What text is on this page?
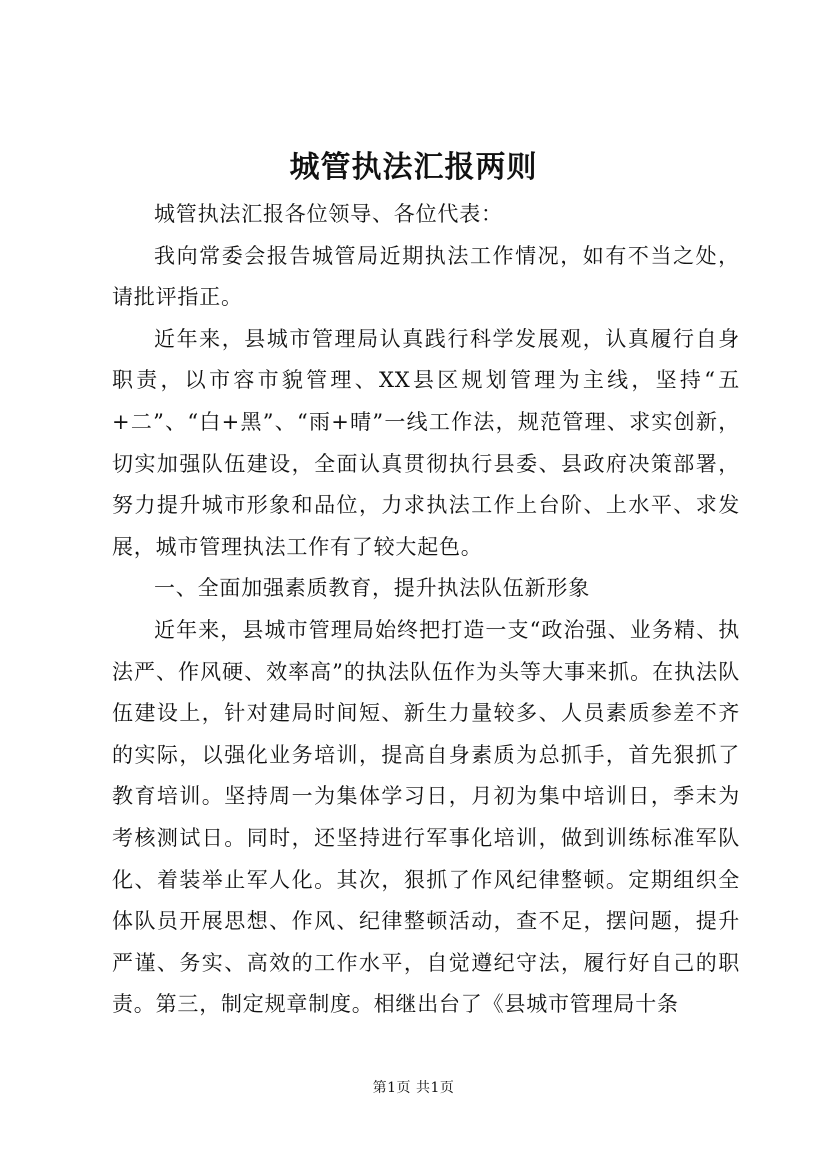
城管执法汇报两则

城管执法汇报各位领导、各位代表：

我向常委会报告城管局近期执法工作情况，如有不当之处，请批评指正。

近年来，县城市管理局认真践行科学发展观，认真履行自身职责，以市容市貌管理、XX县区规划管理为主线，坚持“五+二”、“白+黑”、“雨+晴”一线工作法，规范管理、求实创新，切实加强队伍建设，全面认真贯彻执行县委、县政府决策部署，努力提升城市形象和品位，力求执法工作上台阶、上水平、求发展，城市管理执法工作有了较大起色。

一、全面加强素质教育，提升执法队伍新形象

近年来，县城市管理局始终把打造一支“政治强、业务精、执法严、作风硬、效率高”的执法队伍作为头等大事来抓。在执法队伍建设上，针对建局时间短、新生力量较多、人员素质参差不齐的实际，以强化业务培训，提高自身素质为总抓手，首先狠抓了教育培训。坚持周一为集体学习日，月初为集中培训日，季末为考核测试日。同时，还坚持进行军事化培训，做到训练标准军队化、着装举止军人化。其次，狠抓了作风纪律整顿。定期组织全体队员开展思想、作风、纪律整顿活动，查不足，摆问题，提升严谨、务实、高效的工作水平，自觉遵纪守法，履行好自己的职责。第三，制定规章制度。相继出台了《县城市管理局十条

第1页 共1页
